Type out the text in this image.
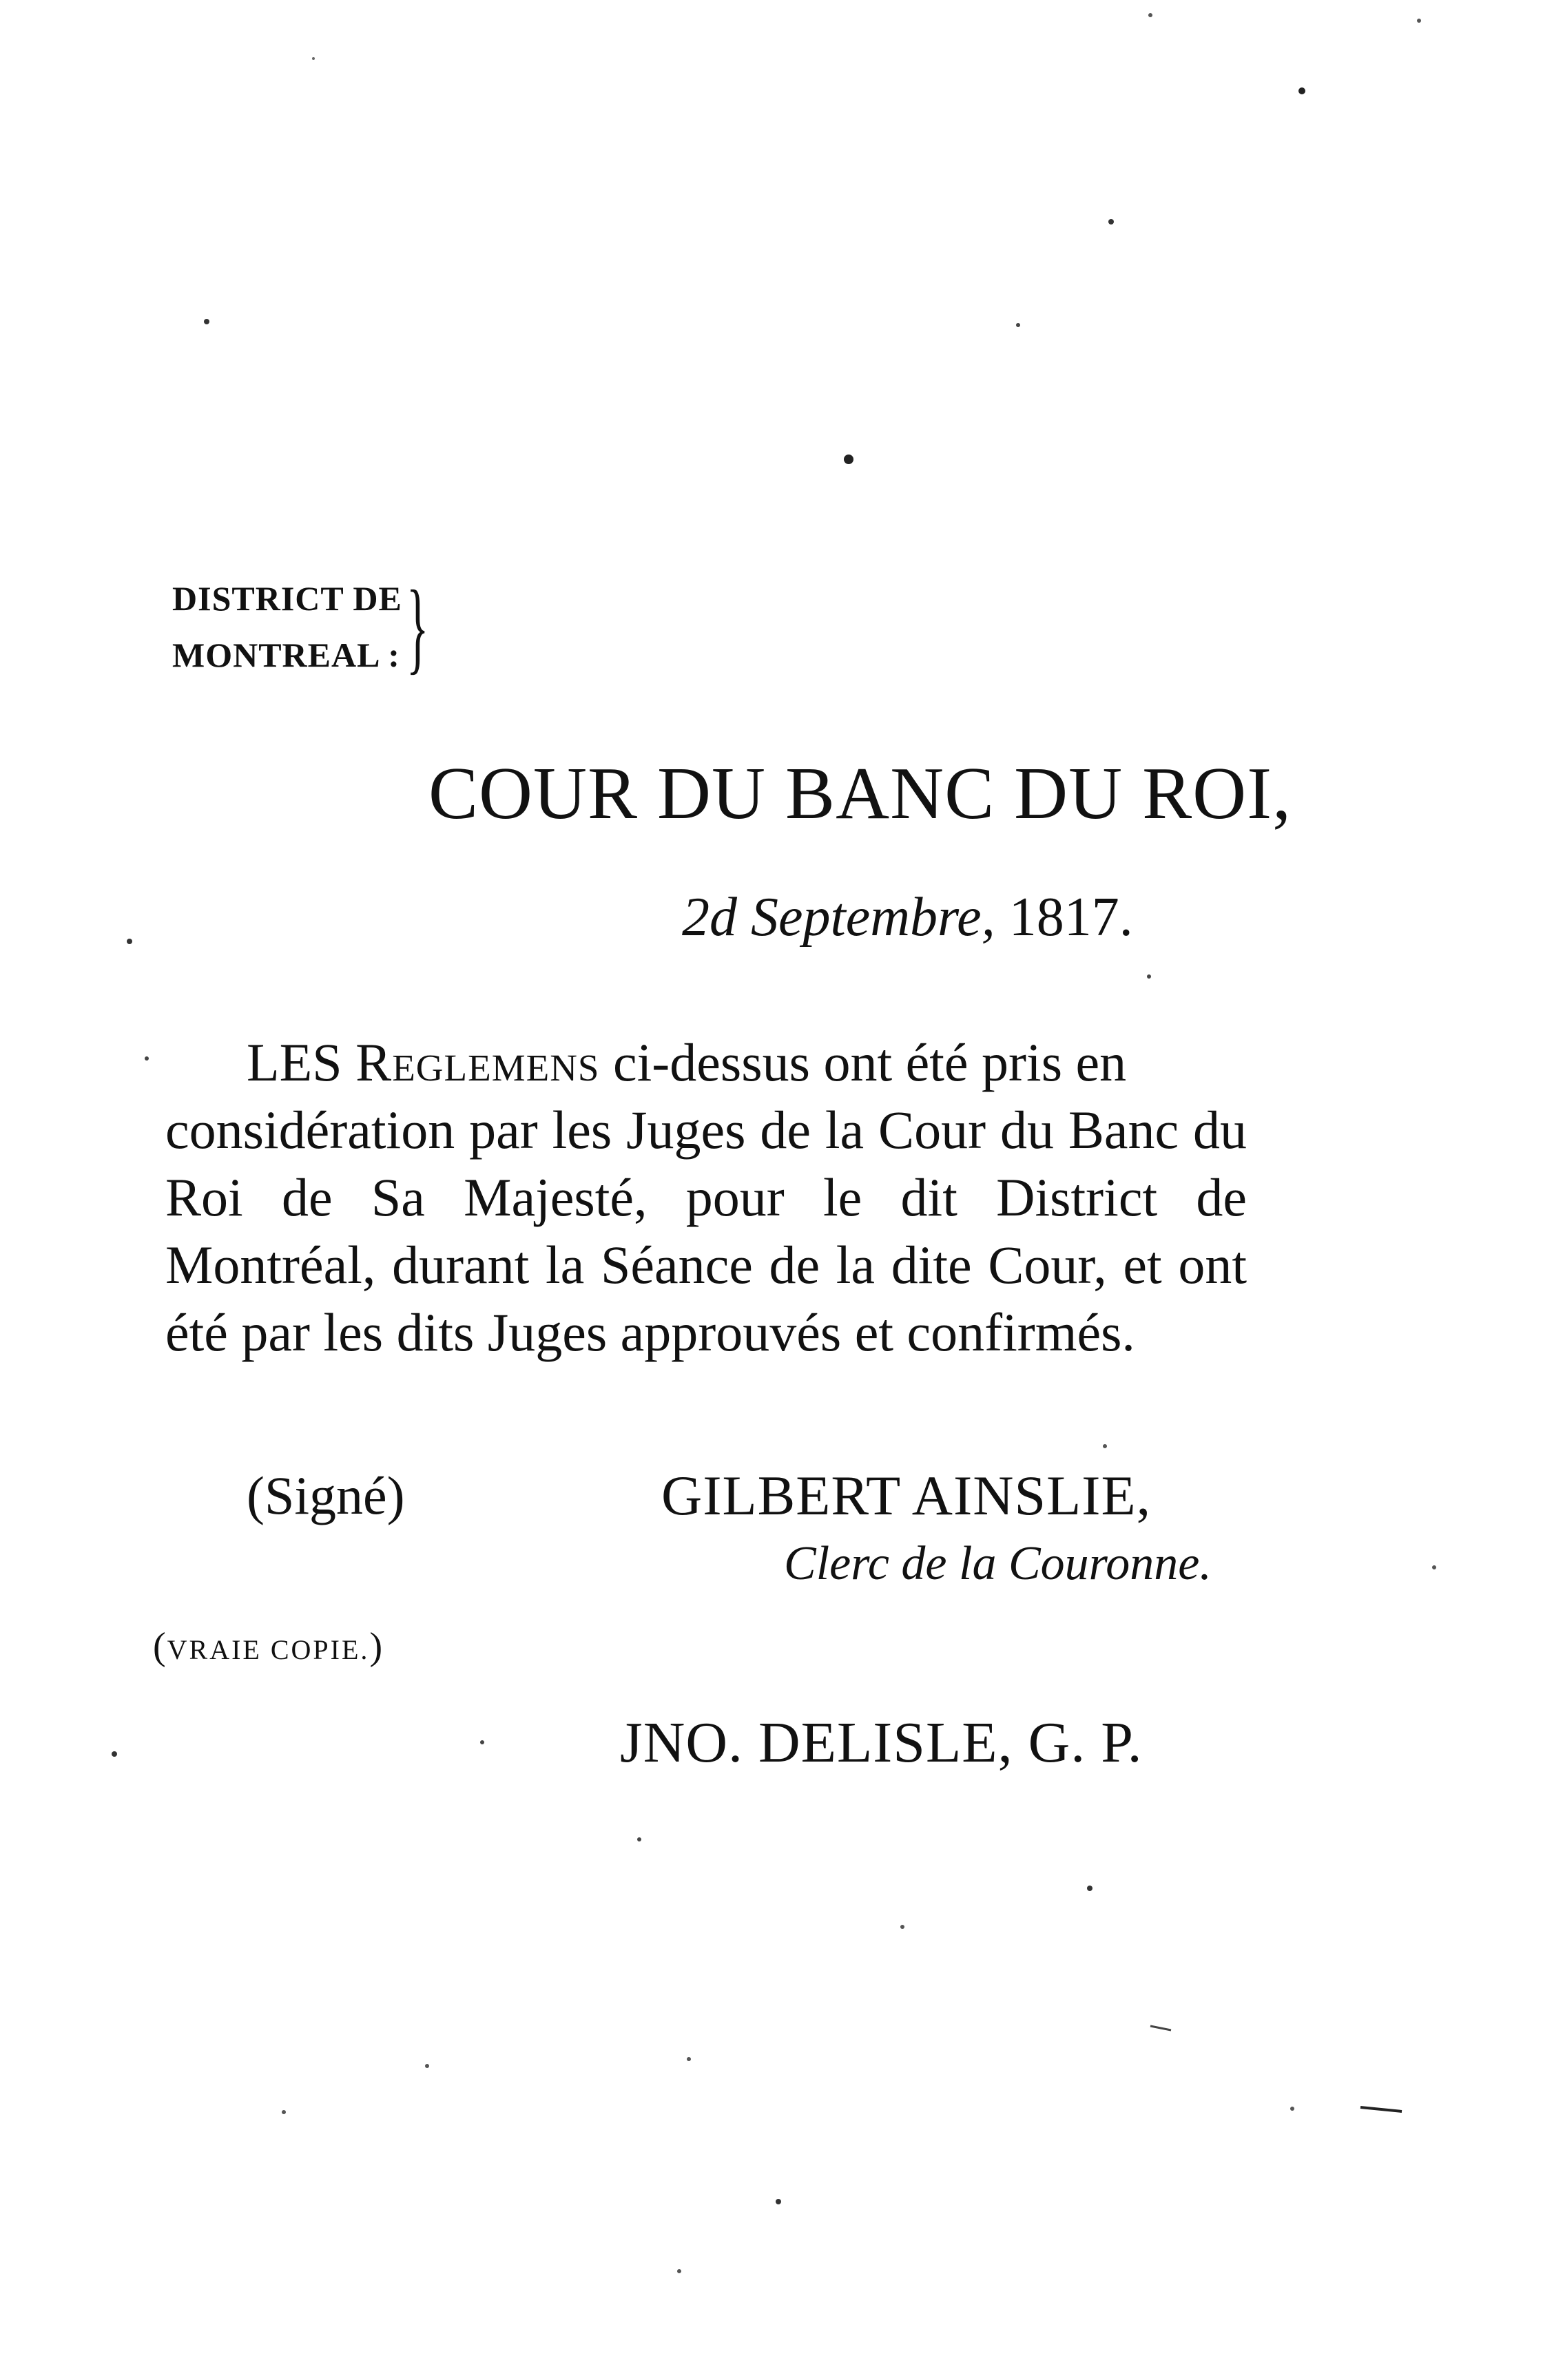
DISTRICT DE
MONTREAL : }
COUR DU BANC DU ROI,
2d Septembre, 1817.
LES Reglemens ci-dessus ont été pris en
considération par les Juges de la Cour du Banc du Roi de Sa Majesté, pour le dit District de Montréal, durant la Séance de la dite Cour, et ont été par les dits Juges approuvés et confirmés.
(Signé)	GILBERT AINSLIE,
Clerc de la Couronne.
(VRAIE COPIE.)
JNO. DELISLE, G. P.
